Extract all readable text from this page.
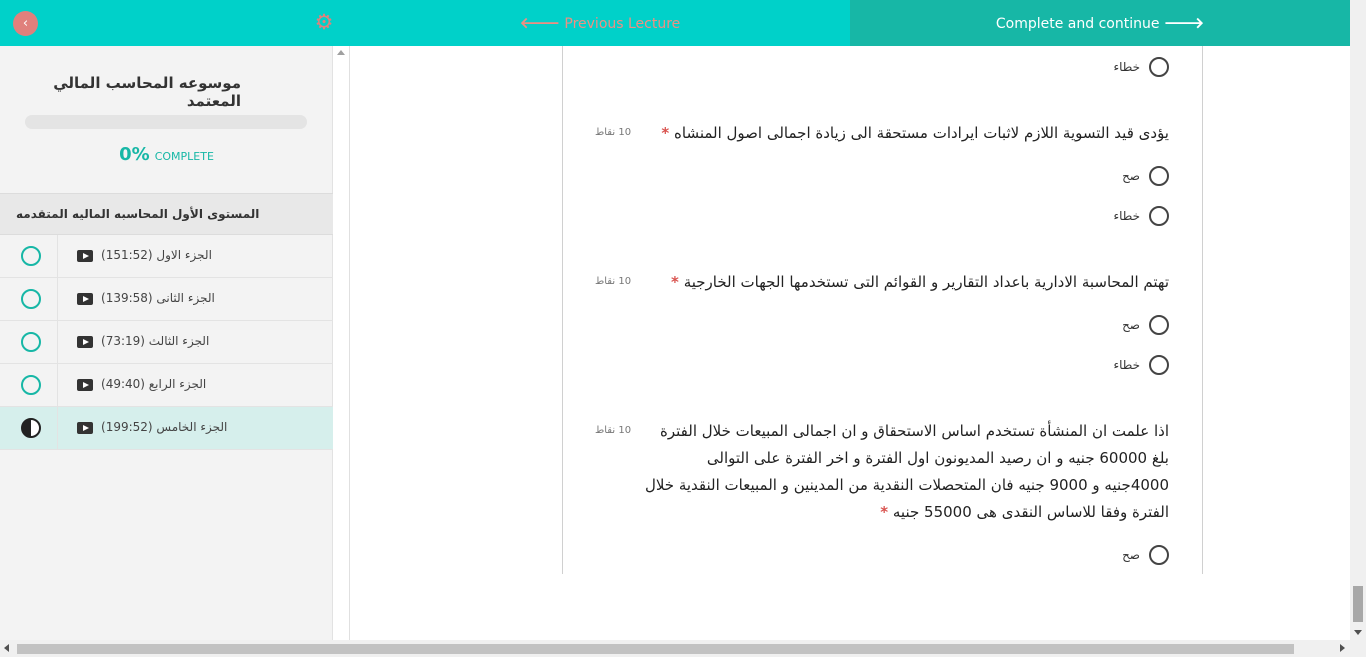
‹	⚙	🡐 Previous Lecture	Complete and continue 🡒
موسوعه المحاسب المالي المعتمد
0% COMPLETE
المستوى الأول المحاسبه الماليه المتقدمه
الجزء الاول (151:52)
الجزء الثانى (139:58)
الجزء الثالث (73:19)
الجزء الرابع (49:40)
الجزء الخامس (199:52)
خطاء
يؤدى قيد التسوية اللازم لاثبات ايرادات مستحقة الى زيادة اجمالى اصول المنشاه *
10 نقاط
صح
خطاء
تهتم المحاسبة الادارية باعداد التقارير و القوائم التى تستخدمها الجهات الخارجية *
10 نقاط
صح
خطاء
اذا علمت ان المنشأة تستخدم اساس الاستحقاق و ان اجمالى المبيعات خلال الفترة بلغ 60000 جنيه و ان رصيد المديونون اول الفترة و اخر الفترة على التوالى 4000جنيه و 9000 جنيه فان المتحصلات النقدية من المدينين و المبيعات النقدية خلال الفترة وفقا للاساس النقدى هى 55000 جنيه *
10 نقاط
صح
